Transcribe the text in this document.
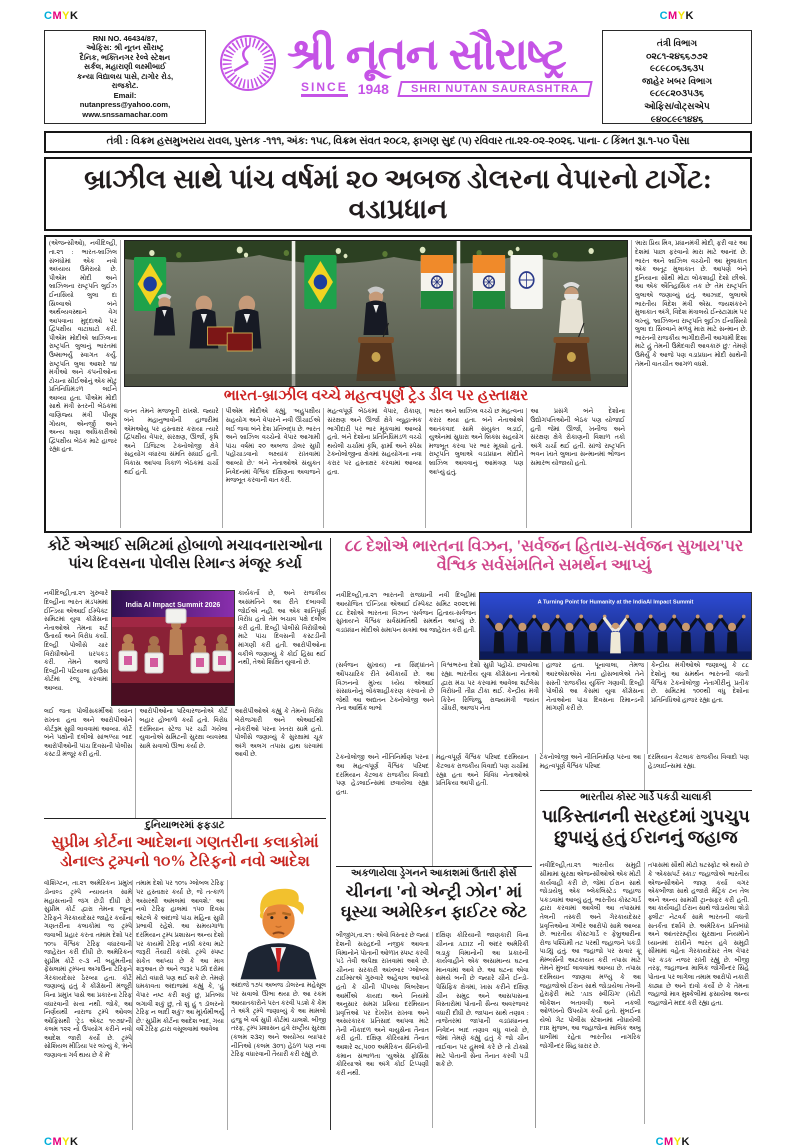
CMYK	CMYK
RNI NO. 46434/87,
ઓફિસ: શ્રી નૂતન સૌરાષ્ટ્ર
દૈનિક, ભક્તિનગર રેલ્વે સ્ટેશન
સર્કલ, મહારાણી લક્ષ્મીબાઈ
કન્યા વિદ્યાલય પાસે, ટાગોર રોડ,
રાજકોટ.
Email:
nutanpress@yahoo.com,
www.snssamachar.com
શ્રી નૂતન સૌરાષ્ટ્ર
SINCE 1948	SHRI NUTAN SAURASHTRA
તંત્રી વિભાગ
૦૨૮૧-૨૪૬૬૭૭૨
૯૮૯૮૦૬૩૬૩૫
જાહેર ખબર વિભાગ
૯૮૯૮૨૦૩૫૩૬
ઓફિસ/વોટ્સએપ
૯૪૦૮૯૯૧૪૪૬
તંત્રી : વિક્રમ હસમુખરાય રાવલ, પુસ્તક -૧૧૧, અંક: ૧૫૮, વિક્રમ સંવત ૨૦૮૨, ફાગણ સુદ (૫) રવિવાર તા.૨૨-૦૨-૨૦૨૬. પાના- ૮ કિંમત રૂા.૧-૫૦ પૈસા
બ્રાઝીલ સાથે પાંચ વર્ષમાં ૨૦ અબજ ડોલરના વેપારનો ટાર્ગેટ: વડાપ્રધાન
(એજન્સીઓ), નવીદિલ્હી, તા.૨૧ : ભારત-બ્રાઝિલ સંબંધોમાં એક નવો અધ્યાય ઉમેરાયો છે. પીએમ મોદી અને બ્રાઝિલના રાષ્ટ્રપતિ લુઈઝ ઈનાસિયો લુલા દા સિલ્વાએ બંને અર્થવ્યવસ્થાને વેગ આપવાના મુદ્દાઓ પર દ્વિપક્ષીય વાટાઘાટો કરી. પીએમ મોદીએ બ્રાઝિલના રાષ્ટ્રપતિ લુલાનું ભારતમાં ઉષ્માભર્યું સ્વાગત કર્યું. રાષ્ટ્રપતિ લુલા આશરે ૧૪ મંત્રીઓ અને કંપનીઓના ટોચના સીઈઓનું એક મોટું પ્રતિનિધિમંડળ લઈને આવ્યા હતા. પીએમ મોદી સાથે મંત્રી સ્તરની બેઠકમાં વાણિજ્ય મંત્રી પીયૂષ ગોયલ, એનર્જી અને અન્ય ઘણા અધિકારીઓ દ્વિપક્ષીય બેઠક માટે હાજર રહ્યા હતા.
ભારત-બ્રાઝીલ વચ્ચે મહત્વપૂર્ણ ટ્રેડ ડીલ પર હસ્તાક્ષર
વતન તેમને મજબૂતી રાખશે. જ્યારે બંને મહાનુભાવોની હાજરીમાં એમઓયુ પર હસ્તાક્ષર કરાયા ત્યારે દ્વિપક્ષીય વેપાર, સંરક્ષણ, ઊર્જા, કૃષિ અને ડિજિટલ ટેક્નોલોજી ક્ષેત્રે સહયોગ વધારવા સંમતિ સધાઈ હતી. વિકાસ આપવા ત્રિકાળ બેઠકમાં ચર્ચા થઈ હતી.
પીએમ મોદીએ કહ્યું, 'બહુપક્ષીય સહયોગ અને વેપારને નવી ઊંચાઈએ લઈ જવા બંને દેશ પ્રતિબદ્ધ છે. ભારત અને બ્રાઝિલ વચ્ચેનો વેપાર આગામી પાંચ વર્ષમાં ૨૦ અબજ ડોલર સુધી પહોંચાડવાનો લક્ષ્યાંક રાખવામાં આવ્યો છે.' બંને નેતાઓએ સંયુક્ત નિવેદનમાં વૈશ્વિક દક્ષિણના અવાજને મજબૂત કરવાની વાત કરી.
મહત્વપૂર્ણ બેઠકમાં વેપાર, રોકાણ, સંરક્ષણ અને ઊર્જા ક્ષેત્રે વ્યૂહાત્મક ભાગીદારી પર ભાર મૂકવામાં આવ્યો હતો. બંને દેશોના પ્રતિનિધિમંડળ વચ્ચે થયેલી ચર્ચામાં કૃષિ, ફાર્મા અને સ્પેસ ટેક્નોલોજીના ક્ષેત્રમાં સહયોગના નવા કરાર પર હસ્તાક્ષર કરવામાં આવ્યા હતા.
ભારત અને બ્રાઝિલ વચ્ચે છ મહત્વના કરાર થયા હતા. બંને નેતાઓએ આતંકવાદ સામે સંયુક્ત લડાઈ, યુએનમાં સુધારા અને બ્રિક્સ સહયોગ મજબૂત કરવા પર ભાર મૂક્યો હતો. રાષ્ટ્રપતિ લુલાએ વડાપ્રધાન મોદીને બ્રાઝિલ આવવાનું આમંત્રણ પણ આપ્યું હતું.
આ પ્રસંગે બંને દેશોના ઉદ્યોગપતિઓની બેઠક પણ યોજાઈ હતી જેમાં ઊર્જા, ખનીજ અને સંરક્ષણ ક્ષેત્રે રોકાણની વિશાળ તકો અંગે ચર્ચા થઈ હતી. સાંજે રાષ્ટ્રપતિ ભવન ખાતે લુલાના સન્માનમાં ભોજન સમારંભ યોજાયો હતો.
'મારા પ્રિય મિત્ર, પ્રધાનમંત્રી મોદી, ફરી વાર આ દેશમાં પાછા ફરવાનો મારા માટે આનંદ છે. ભારત અને બ્રાઝિલ વચ્ચેની આ મુલાકાત એક અતૂટ મુલાકાત છે. આપણે બંને દુનિયાના સૌથી મોટા લોકશાહી દેશો છીએ. આ એક ઐતિહાસિક તક છે' તેમ રાષ્ટ્રપતિ લુલાએ જણાવ્યું હતું. આઝાદ, લુલાએ ભારતીય વિદેશ મંત્રી એસ. જયશંકરને મુલાકાત અંગે, વિદેશ મંત્રાલયે ઈન્સ્ટાગ્રામ પર લખ્યું, 'બ્રાઝિલના રાષ્ટ્રપતિ લુઈઝ ઈનાસિયો લુલા દા સિલ્વાને મળવું મારા માટે સન્માન છે. ભારતની રાજકીય ભાગીદારીની આગામી દિશા માટે હું તેમની ઉમેદવારી આવકારું છું.' તેમણે ઉમેર્યું કે આજે પણ વડાપ્રધાન મોદી સાથેની તેમની વાતચીત આગળ વધશે.
કોર્ટે એઆઈ સમિટમાં હોબાળો મચાવનારાઓના પાંચ દિવસના પોલીસ રિમાન્ડ મંજૂર કર્યા
નવીદિલ્હી,તા.૨૧ ગુરુવારે દિલ્હીના ભારત મંડપમમાં ઈન્ડિયા એઆઈ ઈમ્પેક્ટ સમિટમાં યુવા કોંગ્રેસના નેતાઓએ તેમના શર્ટ ઉતાર્યા અને વિરોધ કર્યો. દિલ્હી પોલીસે ચાર વિરોધીઓની ધરપકડ કરી. તેમને આજે દિલ્હીની પટિયાલા હાઉસ કોર્ટમાં રજૂ કરવામાં આવ્યા.
India AI Impact Summit 2026
કાર્યકર્તા છે, અને રાજકીય અસંમતિને આ રીતે દબાવવી જોઈએ નહીં. આ એક શાંતિપૂર્ણ વિરોધ હતો તેમ બચાવ પક્ષે દલીલ કરી હતી. દિલ્હી પોલીસે વિરોધીઓ માટે પાંચ દિવસની કસ્ટડીની માંગણી કરી હતી. આરોપીઓના વકીલે જણાવ્યું કે કોઈ હિંસા થઈ નથી, તેઓ શિક્ષિત યુવાનો છે.
લઈ જતા પોલીસકર્મીઓ ધ્યાન રાખતા હતા અને આરોપીઓને કોર્ટરૂમ સુધી લાવવામાં આવ્યા. કોર્ટે બંને પક્ષોની દલીલો સાંભળ્યા બાદ આરોપીઓની પાંચ દિવસની પોલીસ કસ્ટડી મંજૂર કરી હતી.
આરોપીઓના પરિવારજનોએ કોર્ટ બહાર હોબાળો કર્યો હતો. વિરોધ દરમિયાન સ્ટેજ પર ચઢી ગયેલા યુવાનોએ સમિટની સુરક્ષા વ્યવસ્થા સામે સવાલો ઊભા કર્યા છે.
આરોપીઓએ કહ્યું કે તેમનો વિરોધ બેરોજગારી અને એઆઈથી નોકરીઓ પરના ખતરા સામે હતો. પોલીસે જણાવ્યું કે સુરક્ષામાં ચૂક અંગે અલગ તપાસ હાથ ધરવામાં આવી છે.
દુનિયાભરમાં ફફડાટ
સુપ્રીમ કોર્ટના આદેશના ગણતરીના કલાકોમાં ડોનાલ્ડ ટ્રમ્પનો ૧૦% ટેરિફનો નવો આદેશ
વૉશિંગ્ટન, તા.૨૧ અમેરિકન પ્રમુખ ડોનાલ્ડ ટ્રમ્પે ન્યાયતંત્ર સામે મહાસત્તાની જંગ છેડી દીધી છે. સુપ્રીમ કોર્ટ દ્વારા તેમના જૂના ટેરિફને ગેરકાયદેસર જાહેર કર્યાના ગણતરીના કલાકોમાં જ ટ્રમ્પે જવાબી પ્રહાર કરતા તમામ દેશો પર ૧૦% વૈશ્વિક ટેરિફ વધારવાની જાહેરાત કરી દીધી છે. અમેરિકન સુપ્રીમ કોર્ટે ૯-૩ ની બહુમતીના ફેંસલામાં ટ્રમ્પના અગાઉના ટેરિફને ગેરકાયદેસર ઠેરવ્યા હતા. કોર્ટે જણાવ્યું હતું કે કોંગ્રેસની મંજૂરી વિના પ્રમુખ પાસે આ પ્રકારના ટેરિફ વધારવાની સત્તા નથી. જોકે, આ નિર્ણયથી નારાજ ટ્રમ્પે ઓવલ ઓફિસથી 'ટ્રેડ એક્ટ ૧૯૭૪'ની કલમ ૧૨૨ નો ઉપયોગ કરીને નવો આદેશ જારી કર્યો છે. ટ્રમ્પે સોશિયલ મીડિયા પર લખ્યું કે, 'મને જણાવતા ગર્વ થાય છે કે મેં'
તમામ દેશો પર ૧૦% ગ્લોબલ ટેરિફ પર હસ્તાક્ષર કર્યા છે, જે તત્કાળ અસરથી અમલમાં આવશે.' આ નવો ટેરિફ હાલમાં ૧૫૦ દિવસ એટલે કે અંદાજે પાંચ મહિના સુધી પ્રભાવી રહેશે. આ સમયગાળા દરમિયાન ટ્રમ્પ પ્રશાસન અન્ય દેશો પર કાયમી ટેરિફ નક્કી કરવા માટે જરૂરી તૈયારી કરશે. ટ્રમ્પે સ્પષ્ટ સંકેત આપ્યા છે કે આ માત્ર શરૂઆત છે અને જરૂર પડ્યે દરોમાં મોટો વધારો પણ થઈ શકે છે. તેમણે ધમકાવતા અંદાજમાં કહ્યું કે, 'હું વેપાર નષ્ટ કરી શકું છું, પ્રતિબંધ લગાવી શકું છું, તો શું હું ૧ ડૉલરનો ટેરિફ ન લાદી શકું? આ મૂર્ખામીભર્યું છે.' સુપ્રીમ કોર્ટના આદેશ બાદ, ગયા વર્ષે ટેરિફ દ્વારા વસૂલવામાં આવેલા
અંદાજે ૧૭૫ અબજ ડોલરના મહેસૂલ પર સવાલો ઊભા થયા છે. આ રકમ આયાતકારોને પરત કરવી પડશે કે કેમ તે અંગે ટ્રમ્પે જણાવ્યું કે આ મામલો હજુ બે વર્ષ સુધી કોર્ટમાં ચાલશે. બીજી તરફ, ટ્રમ્પ પ્રશાસન હવે રાષ્ટ્રીય સુરક્ષા (કલમ ૨૩૨) અને અયોગ્ય વ્યાપાર નીતિઓ (કલમ ૩૦૧) હેઠળ પણ નવા ટેરિફ વધારવાની તૈયારી કરી રહ્યું છે.
૮૮ દેશોએ ભારતના વિઝન, 'સર્વજન હિતાય-સર્વજન સુખાય'પર વૈશ્વિક સર્વસંમતિને સમર્થન આપ્યું
નવીદિલ્હી,તા.૨૧ ભારતની રાજધાની નવી દિલ્હીમાં આયોજિત 'ઈન્ડિયા એઆઈ ઈમ્પેક્ટ સમિટ ૨૦૨૬'માં ૮૮ દેશોએ ભારતના વિઝન 'સર્વજન હિતાય-સર્વજન સુખાય'ને વૈશ્વિક સર્વસંમતિથી સમર્થન આપ્યું છે. વડાપ્રધાન મોદીએ સમાપન સત્રમાં આ જાહેરાત કરી હતી.
A Turning Point for Humanity at the IndiaAI Impact Summit
(સર્વજન સુખાય) ના સિદ્ધાંતને ઔપચારિક રીતે સ્વીકાર્યો છે. આ વિઝનનો મુખ્ય ધ્યેય એઆઈ સંસાધનોનું લોકશાહીકરણ કરવાનો છે જેથી આ અદ્યતન ટેક્નોલોજી અને તેના આર્થિક લાભો
વિશ્વભરના દેશો સુધી પહોંચે. છવાયેલા રહ્યા. ભારતીય યુવા કોંગ્રેસના નેતાઓ દ્વારા મંચ પર કરવામાં આવેલા શર્ટલેસ વિરોધની તીવ્ર ટીકા થઈ. કેન્દ્રીય મંત્રી કિરેન રિજિજુ, રાજ્યમંત્રી જયંત ચૌધરી, આજપ નેતા
હાજર હતા. પૂનાવાલા, તેમજ આરએસએસ નેતા હોસબાલેએ તેને સસ્તી 'રાજકીય યુક્તિ' ગણાવી. દિલ્હી પોલીસે આ કેસમાં યુવા કોંગ્રેસના નેતાઓના પાંચ દિવસના રિમાન્ડની માંગણી કરી છે.
કેન્દ્રીય મંત્રીઓએ જણાવ્યું કે ૮૮ દેશોનું આ સમર્થન ભારતની વધતી વૈશ્વિક ટેકનોલોજી નેતાગીરીનું પ્રતીક છે. સમિટમાં ૧૦૦થી વધુ દેશોના પ્રતિનિધિઓ હાજર રહ્યા હતા.
ટેકનોલોજી અને નીતિનિર્માણ પરના આ મહત્વપૂર્ણ વૈશ્વિક પરિષદ દરમિયાન કેટલાક રાજકીય વિવાદો પણ હેડલાઈન્સમાં છવાયેલા રહ્યા હતા.
મહત્વપૂર્ણ વૈશ્વિક પરિષદ દરમિયાન કેટલાક રાજકીય વિવાદો પણ ચર્ચામાં રહ્યા હતા અને વિવિધ નેતાઓએ પ્રતિક્રિયા આપી હતી.
અકળાયેલા ડ્રેગનને આકાશમાં ઉતારી ફોર્સ
ચીનના 'નો એન્ટ્રી ઝોન' માં ઘૂસ્યા અમેરિકન ફાઈટર જેટ
બીજીંગ,તા.૨૧ : એવો વિસ્તાર છે જ્યાં દેશની સરહદની નજીક આવતા વિમાનોને પોતાની ઓળખ સ્પષ્ટ કરવી પડે તેવી અપેક્ષા રાખવામાં આવે છે. ચીનના સરકારી અખબાર 'ગ્લોબલ ટાઈમ્સ'એ ગુરુવારે અહેવાલ આપ્યો હતો કે ચીની પીપલ્સ લિબરેશન આર્મીએ કાયદા અને નિયમો અનુસાર સમગ્ર પ્રક્રિયા દરમિયાન પ્રવૃત્તિઓ પર દેખરેખ રાખવા અને અસરકારક પ્રતિસાદ આપવા માટે તેની નૌકાદળ અને વાયુસેના તૈનાત કરી હતી. દક્ષિણ કોરિયામાં તૈનાત આશરે ૨૮,૫૦૦ અમેરિકન સૈનિકોની કમાન સંભાળતા 'યુએસ ફોર્સિસ કોરિયા'એ આ અંગે કોઈ ટિપ્પણી કરી નથી.
દક્ષિણ કોરિયાની જાણકારી વિના ચીનના ADIZ ની અંદર અમેરિકી લડાકુ વિમાનોની આ પ્રકારની કાર્યવાહીને એક અસામાન્ય ઘટના માનવામાં આવે છે. આ ઘટના એવા સમયે બની છે જ્યારે ચીને ઈન્ડો-પેસિફિક ક્ષેત્રમાં, ખાસ કરીને દક્ષિણ ચીન સમુદ્ર અને આસપાસના વિસ્તારોમાં પોતાની સૈન્ય અવરજવર વધારી દીધી છે. જાપાન સાથે તણાવ : તાજેતરમાં જાપાની વડાપ્રધાનના નિવેદન બાદ તણાવ વધુ વધ્યો છે, જેમાં તેમણે કહ્યું હતું કે જો ચીન તાઈવાન પર હુમલો કરે છે તો ટોક્યો માટે પોતાની સેના તૈનાત કરવી પડી શકે છે.
ટેકનોલોજી અને નીતિનિર્માણ પરના આ મહત્વપૂર્ણ વૈશ્વિક પરિષદ
દરમિયાન કેટલાક રાજકીય વિવાદો પણ હેડલાઈન્સમાં રહ્યા.
ભારતીય કોસ્ટ ગાર્ડે પકડી ચાલાકી
પાકિસ્તાનની સરહદમાં ગુપચુપ છુપાયું હતું ઈરાનનું જહાજ
નવીદિલ્હી,તા.૨૧ ભારતીય સમુદ્રી સીમામાં સુરક્ષા એજન્સીઓએ એક મોટી કાર્યવાહી કરી છે, જેમાં ઈરાન સાથે જોડાયેલું એક બ્લેકલિસ્ટેડ જહાજ પકડવામાં આવ્યું હતું. ભારતીય કોસ્ટગાર્ડ દ્વારા કરવામાં આવેલી આ તપાસમાં તેલની તસ્કરી અને ગેરકાયદેસર પ્રવૃત્તિઓના ગંભીર આરોપો સામે આવ્યા છે. ભારતીય કોસ્ટગાર્ડે ૯ ફેબ્રુઆરીના રોજ પશ્ચિમી તટ પરથી જહાજને પકડી પાડ્યું હતું. આ જહાજો પર સવાર ક્રૂ મેમ્બર્સની અટકાયત કરી તપાસ માટે તેમને મુંબઈ લાવવામાં આવ્યા છે. તપાસ દરમિયાન જાણવા મળ્યું કે આ જહાજોએ ઈરાન સાથે જોડાયેલા તેલની હેરાફેરી માટે 'AIS સ્વીચિંગ' (ખોટી લોકેશન બતાવવી) અને નકલી ઓળખનો ઉપયોગ કર્યો હતો. મુંબઈના યેલો ગેટ પોલીસ સ્ટેશનમાં નોંધાયેલી FIR મુજબ, આ જહાજોના માલિક અબુ ધાબીમાં રહેતા ભારતીય નાગરિક જોગીન્દર સિંહ ધારાર છે.
તપાસમાં સૌથી મોટો ઘટસ્ફોટ એ થયો છે કે 'એક્સપર્ટ સ્કાડ' જહાજોએ ભારતીય એજન્સીઓને જાણ કર્યા વગર એકબીજા સાથે હજારો મેટ્રિક ટન તેલ અને અન્ય સામગ્રી ટ્રાન્સફર કરી હતી. આ કાર્યવાહી ઈરાન સાથે જોડાયેલા 'શેડો ફ્લીટ' નેટવર્ક સામે ભારતની વધતી સતર્કતા દર્શાવે છે. અમેરિકન પ્રતિબંધો અને આંતરરાષ્ટ્રીય સુરક્ષાના નિયમોને ધ્યાનમાં રાખીને ભારત હવે સમુદ્રી સીમામાં વહેતા ગેરકાયદેસર તેલ વેપાર પર કડક નજર રાખી રહ્યું છે. બીજી તરફ, જહાજના માલિક જોગીન્દર સિંહે પોતાના પર લાગેલા તમામ આરોપો નકારી કાઢ્યા છે અને દાવો કર્યો છે કે તેમના જહાજો માત્ર મુશ્કેલીમાં ફસાયેલા અન્ય જહાજોને મદદ કરી રહ્યા હતા.
CMYK	CMYK
